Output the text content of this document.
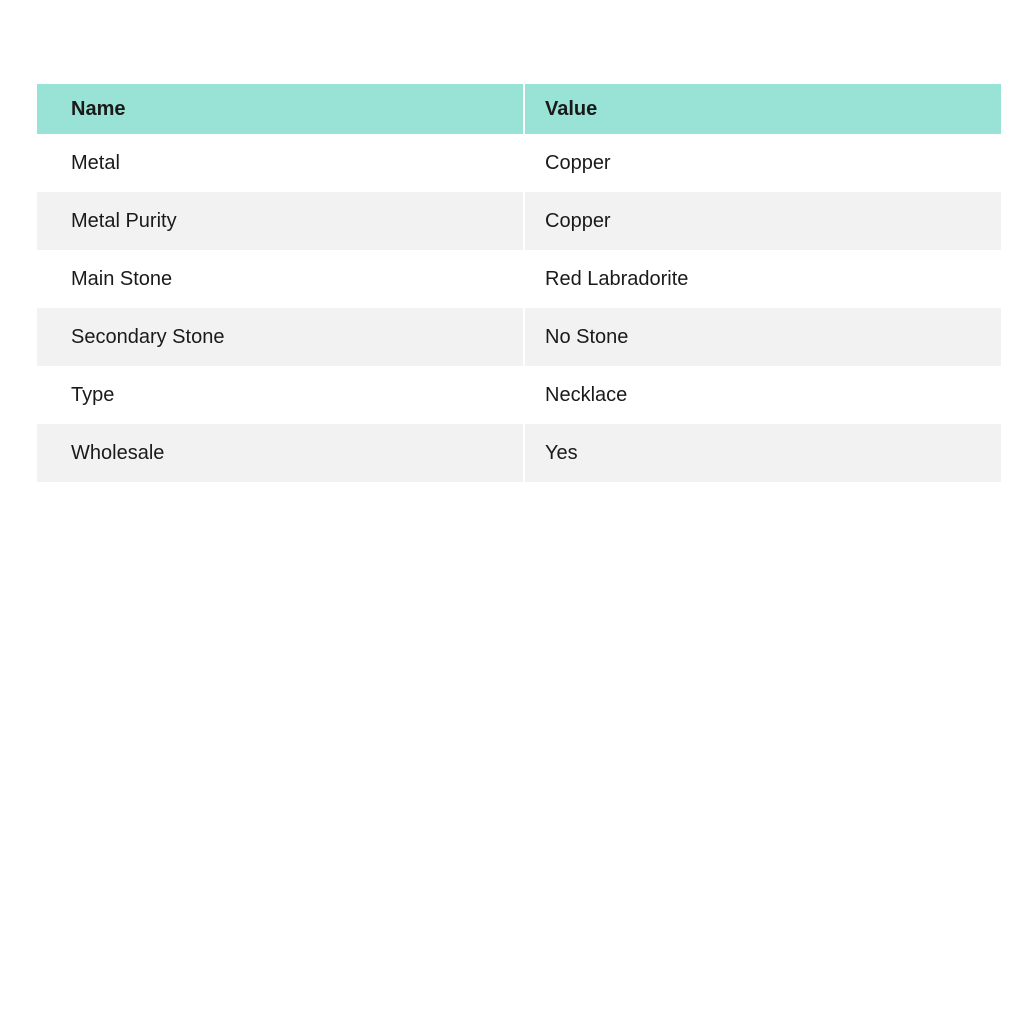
Name	Value
Metal	Copper
Metal Purity	Copper
Main Stone	Red Labradorite
Secondary Stone	No Stone
Type	Necklace
Wholesale	Yes
